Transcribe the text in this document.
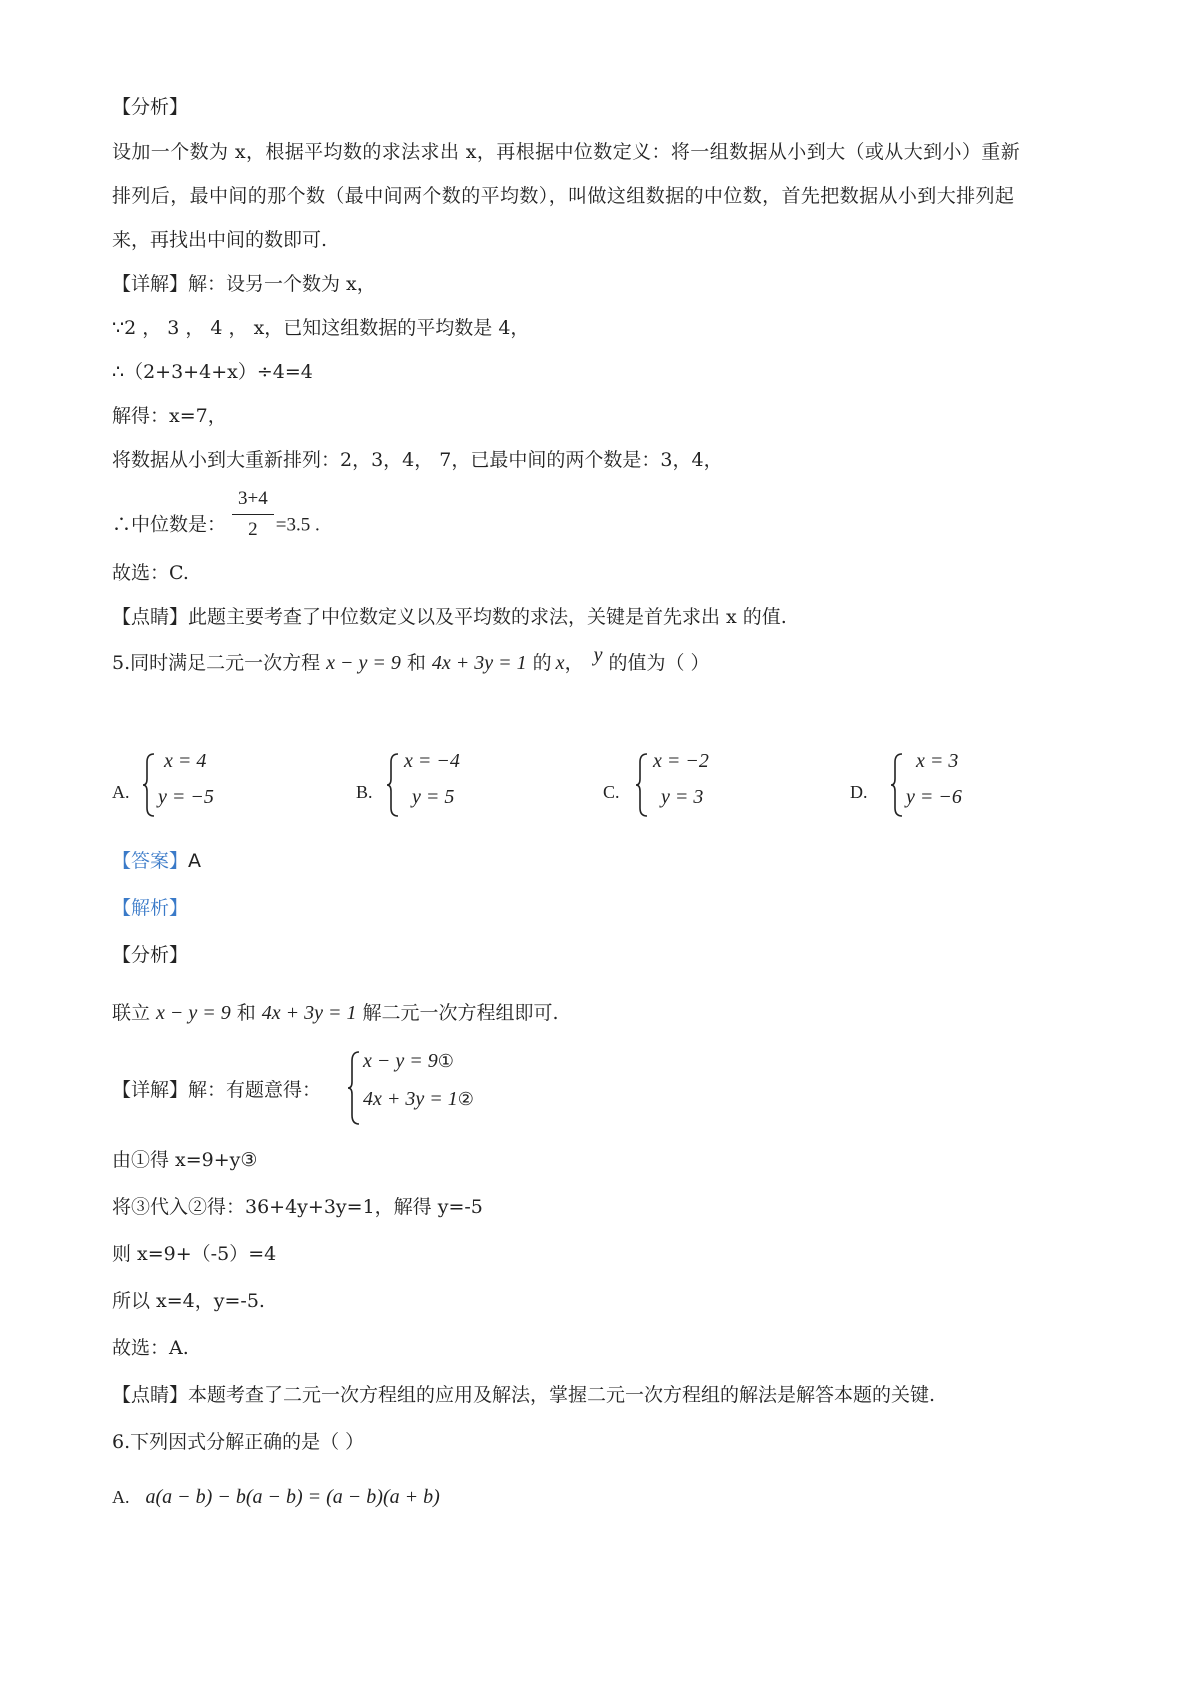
【分析】
设加一个数为 x，根据平均数的求法求出 x，再根据中位数定义：将一组数据从小到大（或从大到小）重新
排列后，最中间的那个数（最中间两个数的平均数），叫做这组数据的中位数，首先把数据从小到大排列起
来，再找出中间的数即可.
【详解】解：设另一个数为 x，
∵2 ， 3 ， 4 ， x，已知这组数据的平均数是 4，
∴（2+3+4+x）÷4=4
解得：x=7，
将数据从小到大重新排列：2，3，4， 7，已最中间的两个数是：3，4，
∴中位数是： $\frac{3+4}{2} =3.5$ .
故选：C.
【点睛】此题主要考查了中位数定义以及平均数的求法，关键是首先求出 x 的值.
5.同时满足二元一次方程 x − y = 9 和 4x + 3y = 1 的 x， y 的值为（ ）
A.
x = 4
y = −5	B.
x = −4
y = 5	C.
x = −2
y = 3	D.
x = 3
y = −6
【答案】A
【解析】
【分析】
联立 x − y = 9 和 4x + 3y = 1 解二元一次方程组即可.
【详解】解：有题意得：
x − y = 9①
4x + 3y = 1②
由①得 x=9+y③
将③代入②得：36+4y+3y=1，解得 y=-5
则 x=9+（-5）=4
所以 x=4，y=-5.
故选：A.
【点睛】本题考查了二元一次方程组的应用及解法，掌握二元一次方程组的解法是解答本题的关键.
6.下列因式分解正确的是（ ）
A. a(a − b) − b(a − b) = (a − b)(a + b)
